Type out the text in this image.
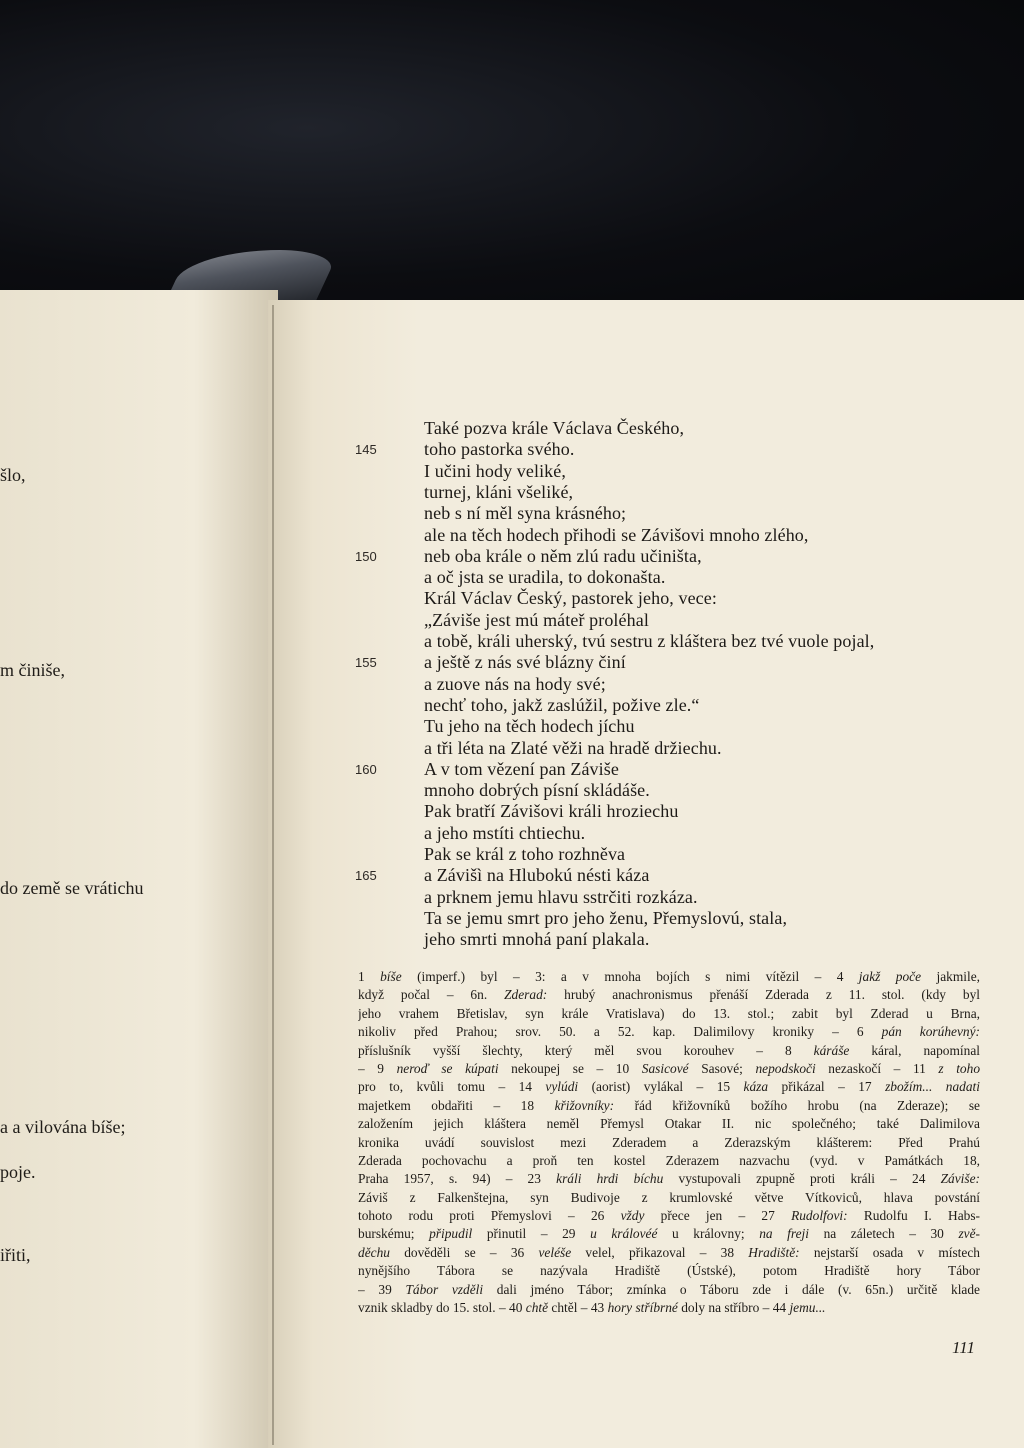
šlo,
m činiše,
do země se vrátichu
a a vilována bíše;
poje.
iřiti,
Také pozva krále Václava Českého,
toho pastorka svého.
I učini hody veliké,
turnej, kláni všeliké,
neb s ní měl syna krásného;
ale na těch hodech přihodi se Závišovi mnoho zlého,
neb oba krále o něm zlú radu učiništa,
a oč jsta se uradila, to dokonašta.
Král Václav Český, pastorek jeho, vece:
„Záviše jest mú máteř proléhal
a tobě, králi uherský, tvú sestru z kláštera bez tvé vuole pojal,
a ještě z nás své blázny činí
a zuove nás na hody své;
nechť toho, jakž zaslúžil, požive zle.“
Tu jeho na těch hodech jíchu
a tři léta na Zlaté věži na hradě držiechu.
A v tom vězení pan Záviše
mnoho dobrých písní skládáše.
Pak bratří Závišovi králi hroziechu
a jeho mstíti chtiechu.
Pak se král z toho rozhněva
a Závišì na Hlubokú nésti káza
a prknem jemu hlavu sstrčiti rozkáza.
Ta se jemu smrt pro jeho ženu, Přemyslovú, stala,
jeho smrti mnohá paní plakala.
145
150
155
160
165
1 bíše (imperf.) byl – 3: a v mnoha bojích s nimi vítězil – 4 jakž poče jakmile,
když počal – 6n. Zderad: hrubý anachronismus přenáší Zderada z 11. stol. (kdy byl
jeho vrahem Břetislav, syn krále Vratislava) do 13. stol.; zabit byl Zderad u Brna,
nikoliv před Prahou; srov. 50. a 52. kap. Dalimilovy kroniky – 6 pán korúhevný:
příslušník vyšší šlechty, který měl svou korouhev – 8 káráše káral, napomínal
– 9 neroď se kúpati nekoupej se – 10 Sasicové Sasové; nepodskoči nezaskočí – 11 z toho
pro to, kvůli tomu – 14 vylúdi (aorist) vylákal – 15 káza přikázal – 17 zbožím... nadati
majetkem obdařiti – 18 křižovníky: řád křižovníků božího hrobu (na Zderaze); se
založením jejich kláštera neměl Přemysl Otakar II. nic společného; také Dalimilova
kronika uvádí souvislost mezi Zderadem a Zderazským klášterem: Před Prahú
Zderada pochovachu a proň ten kostel Zderazem nazvachu (vyd. v Památkách 18,
Praha 1957, s. 94) – 23 králi hrdi bíchu vystupovali zpupně proti králi – 24 Záviše:
Záviš z Falkenštejna, syn Budivoje z krumlovské větve Vítkoviců, hlava povstání
tohoto rodu proti Přemyslovi – 26 vždy přece jen – 27 Rudolfovi: Rudolfu I. Habs-
burskému; připudil přinutil – 29 u královéé u královny; na freji na záletech – 30 zvě-
děchu dověděli se – 36 veléše velel, přikazoval – 38 Hradiště: nejstarší osada v místech
nynějšího Tábora se nazývala Hradiště (Ústské), potom Hradiště hory Tábor
– 39 Tábor vzděli dali jméno Tábor; zmínka o Táboru zde i dále (v. 65n.) určitě klade
vznik skladby do 15. stol. – 40 chtě chtěl – 43 hory stříbrné doly na stříbro – 44 jemu...
111
